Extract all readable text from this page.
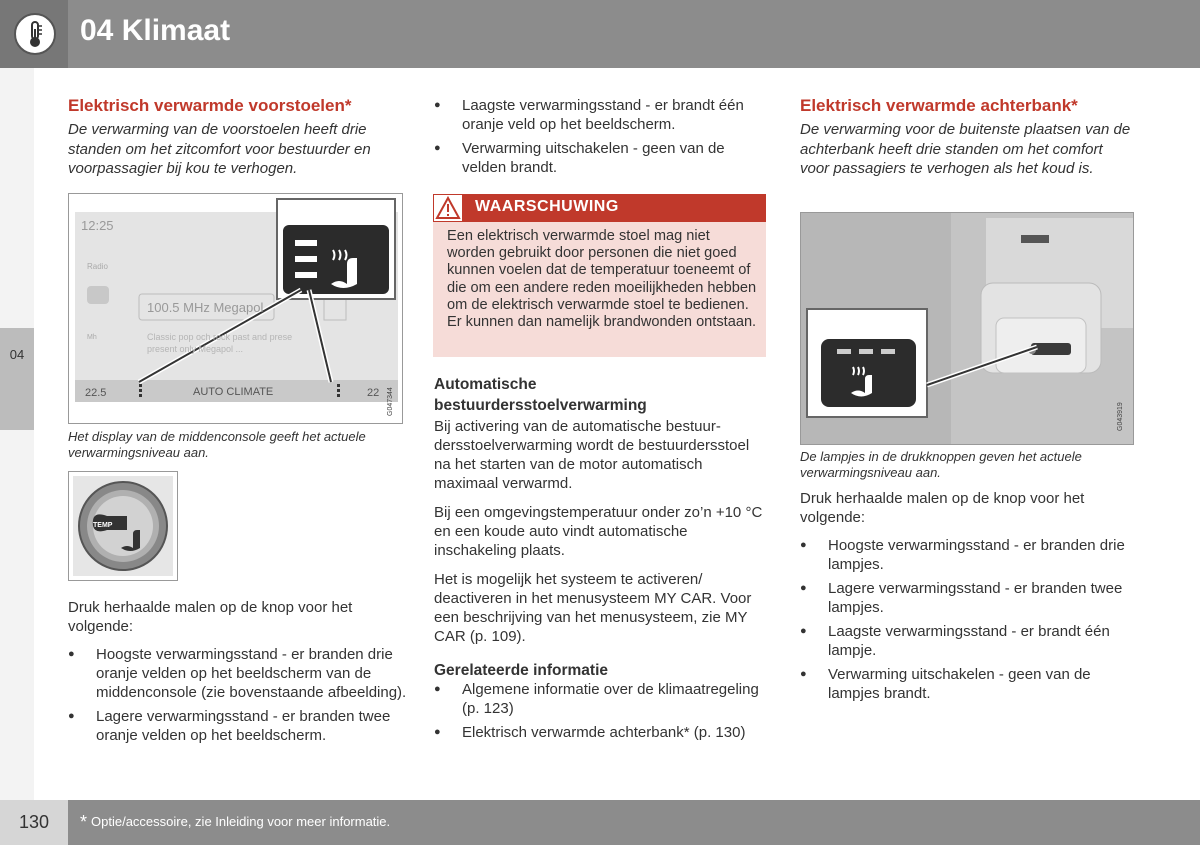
04 Klimaat
04
Elektrisch verwarmde voorstoelen*
De verwarming van de voorstoelen heeft drie standen om het zitcomfort voor bestuurder en voorpassagier bij kou te verhogen.
12:25
Radio
100.5 MHz Megapol
Mh	Classic pop och rock past and prese
present only Megapol ...
22.5	AUTO CLIMATE	22 G047344
Het display van de middenconsole geeft het actuele verwarmingsniveau aan.
TEMP
Druk herhaalde malen op de knop voor het volgende:
● Hoogste verwarmingsstand - er branden drie oranje velden op het beeldscherm van de middenconsole (zie bovenstaande afbeelding).
● Lagere verwarmingsstand - er branden twee oranje velden op het beeldscherm.
● Laagste verwarmingsstand - er brandt één oranje veld op het beeldscherm.
● Verwarming uitschakelen - geen van de velden brandt.
WAARSCHUWING
Een elektrisch verwarmde stoel mag niet worden gebruikt door personen die niet goed kunnen voelen dat de temperatuur toeneemt of die om een andere reden moeilijkheden hebben om de elektrisch verwarmde stoel te bedienen. Er kunnen dan namelijk brandwonden ontstaan.
Automatische
bestuurdersstoelverwarming
Bij activering van de automatische bestuurdersstoelverwarming wordt de bestuurdersstoel na het starten van de motor automatisch maximaal verwarmd.
Bij een omgevingstemperatuur onder zo’n +10 °C en een koude auto vindt automatische inschakeling plaats.
Het is mogelijk het systeem te activeren/ deactiveren in het menusysteem MY CAR. Voor een beschrijving van het menusysteem, zie MY CAR (p. 109).
Gerelateerde informatie
● Algemene informatie over de klimaatregeling (p. 123)
● Elektrisch verwarmde achterbank* (p. 130)
Elektrisch verwarmde achterbank*
De verwarming voor de buitenste plaatsen van de achterbank heeft drie standen om het comfort voor passagiers te verhogen als het koud is.
G043919
De lampjes in de drukknoppen geven het actuele verwarmingsniveau aan.
Druk herhaalde malen op de knop voor het volgende:
● Hoogste verwarmingsstand - er branden drie lampjes.
● Lagere verwarmingsstand - er branden twee lampjes.
● Laagste verwarmingsstand - er brandt één lampje.
● Verwarming uitschakelen - geen van de lampjes brandt.
130	* Optie/accessoire, zie Inleiding voor meer informatie.
